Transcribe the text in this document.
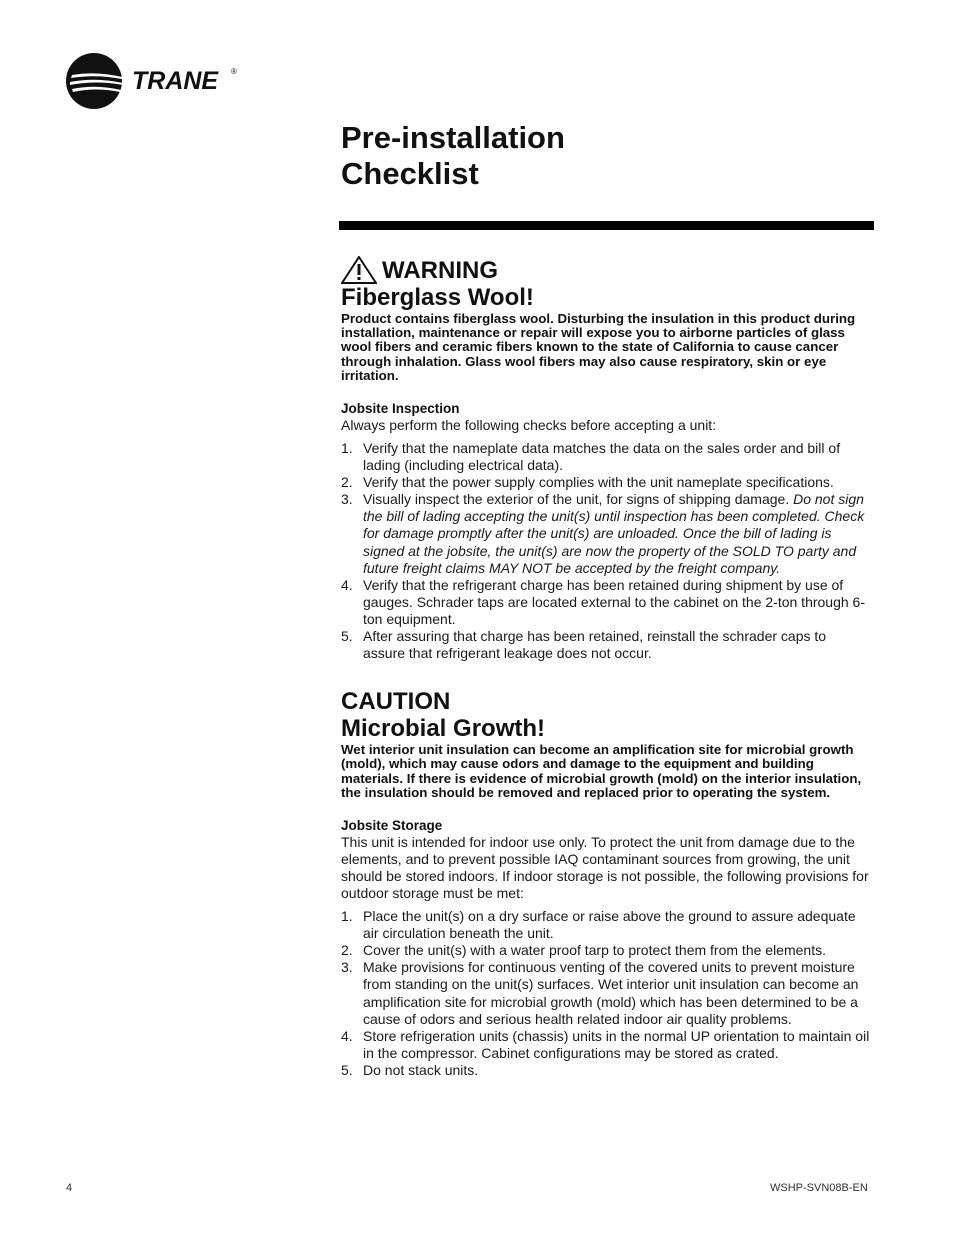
TRANE ®
Pre-installation
Checklist
WARNING
Fiberglass Wool!

Product contains fiberglass wool. Disturbing the insulation in this product during installation, maintenance or repair will expose you to airborne particles of glass wool fibers and ceramic fibers known to the state of California to cause cancer through inhalation. Glass wool fibers may also cause respiratory, skin or eye irritation.

Jobsite Inspection

Always perform the following checks before accepting a unit:

1. Verify that the nameplate data matches the data on the sales order and bill of lading (including electrical data).
2. Verify that the power supply complies with the unit nameplate specifications.
3. Visually inspect the exterior of the unit, for signs of shipping damage. Do not sign the bill of lading accepting the unit(s) until inspection has been completed. Check for damage promptly after the unit(s) are unloaded. Once the bill of lading is signed at the jobsite, the unit(s) are now the property of the SOLD TO party and future freight claims MAY NOT be accepted by the freight company.
4. Verify that the refrigerant charge has been retained during shipment by use of gauges. Schrader taps are located external to the cabinet on the 2-ton through 6-ton equipment.
5. After assuring that charge has been retained, reinstall the schrader caps to assure that refrigerant leakage does not occur.
CAUTION
Microbial Growth!

Wet interior unit insulation can become an amplification site for microbial growth (mold), which may cause odors and damage to the equipment and building materials. If there is evidence of microbial growth (mold) on the interior insulation, the insulation should be removed and replaced prior to operating the system.

Jobsite Storage

This unit is intended for indoor use only. To protect the unit from damage due to the elements, and to prevent possible IAQ contaminant sources from growing, the unit should be stored indoors. If indoor storage is not possible, the following provisions for outdoor storage must be met:

1. Place the unit(s) on a dry surface or raise above the ground to assure adequate air circulation beneath the unit.
2. Cover the unit(s) with a water proof tarp to protect them from the elements.
3. Make provisions for continuous venting of the covered units to prevent moisture from standing on the unit(s) surfaces. Wet interior unit insulation can become an amplification site for microbial growth (mold) which has been determined to be a cause of odors and serious health related indoor air quality problems.
4. Store refrigeration units (chassis) units in the normal UP orientation to maintain oil in the compressor. Cabinet configurations may be stored as crated.
5. Do not stack units.
4	WSHP-SVN08B-EN
